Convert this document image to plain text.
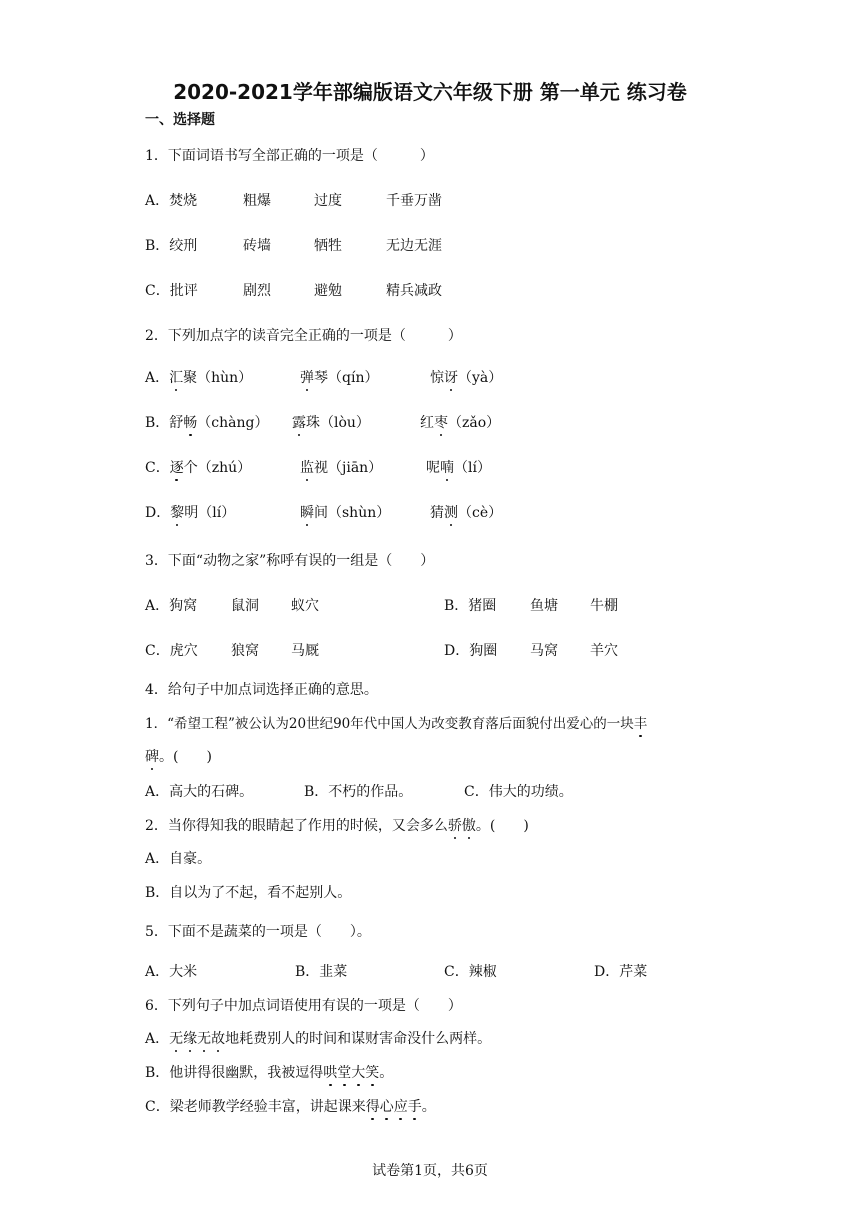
2020-2021学年部编版语文六年级下册 第一单元 练习卷
一、选择题
1．下面词语书写全部正确的一项是（　　　）
A．焚烧	粗爆	过度	千垂万凿
B．绞刑	砖墙	牺牲	无边无涯
C．批评	剧烈	避勉	精兵减政
2．下列加点字的读音完全正确的一项是（　　　）
A．汇聚（hùn）	弹琴（qín）	惊讶（yà）
B．舒畅（chàng） 露珠（lòu）	红枣（zǎo）
C．逐个（zhú）	监视（jiān）	呢喃（lí）
D．黎明（lí）	瞬间（shùn）	猜测（cè）
3．下面“动物之家”称呼有误的一组是（　　）
A．狗窝 鼠洞 蚁穴	B．猪圈 鱼塘 牛棚
C．虎穴 狼窝 马厩	D．狗圈 马窝 羊穴
4．给句子中加点词选择正确的意思。
1．“希望工程”被公认为20世纪90年代中国人为改变教育落后面貌付出爱心的一块丰
碑。(　　)
A．高大的石碑。	B．不朽的作品。	C．伟大的功绩。
2．当你得知我的眼睛起了作用的时候，又会多么骄傲。(　　)
A．自豪。
B．自以为了不起，看不起别人。
5．下面不是蔬菜的一项是（　　）。
A．大米	B．韭菜	C．辣椒	D．芹菜
6．下列句子中加点词语使用有误的一项是（　　）
A．无缘无故地耗费别人的时间和谋财害命没什么两样。
B．他讲得很幽默，我被逗得哄堂大笑。
C．梁老师教学经验丰富，讲起课来得心应手。
试卷第1页，共6页
